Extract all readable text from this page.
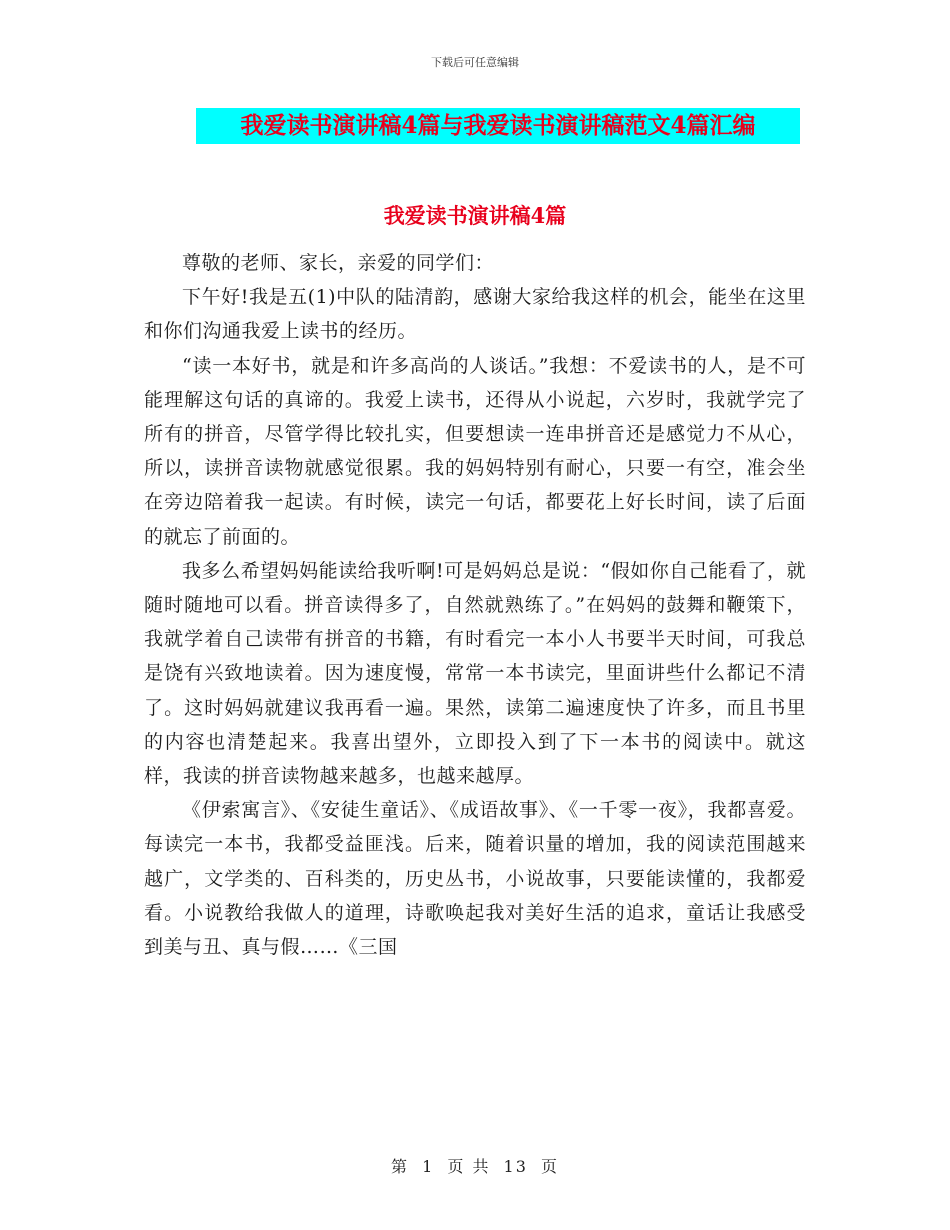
下载后可任意编辑
我爱读书演讲稿4篇与我爱读书演讲稿范文4篇汇编
我爱读书演讲稿4篇

尊敬的老师、家长，亲爱的同学们：

下午好!我是五(1)中队的陆清韵，感谢大家给我这样的机会，能坐在这里和你们沟通我爱上读书的经历。

“读一本好书，就是和许多高尚的人谈话。”我想：不爱读书的人，是不可能理解这句话的真谛的。我爱上读书，还得从小说起，六岁时，我就学完了所有的拼音，尽管学得比较扎实，但要想读一连串拼音还是感觉力不从心，所以，读拼音读物就感觉很累。我的妈妈特别有耐心，只要一有空，准会坐在旁边陪着我一起读。有时候，读完一句话，都要花上好长时间，读了后面的就忘了前面的。

我多么希望妈妈能读给我听啊!可是妈妈总是说：“假如你自己能看了，就随时随地可以看。拼音读得多了，自然就熟练了。”在妈妈的鼓舞和鞭策下，我就学着自己读带有拼音的书籍，有时看完一本小人书要半天时间，可我总是饶有兴致地读着。因为速度慢，常常一本书读完，里面讲些什么都记不清了。这时妈妈就建议我再看一遍。果然，读第二遍速度快了许多，而且书里的内容也清楚起来。我喜出望外，立即投入到了下一本书的阅读中。就这样，我读的拼音读物越来越多，也越来越厚。

《伊索寓言》、《安徒生童话》、《成语故事》、《一千零一夜》，我都喜爱。每读完一本书，我都受益匪浅。后来，随着识量的增加，我的阅读范围越来越广，文学类的、百科类的，历史丛书，小说故事，只要能读懂的，我都爱看。小说教给我做人的道理，诗歌唤起我对美好生活的追求，童话让我感受到美与丑、真与假……《三国

第 1 页 共 13 页
